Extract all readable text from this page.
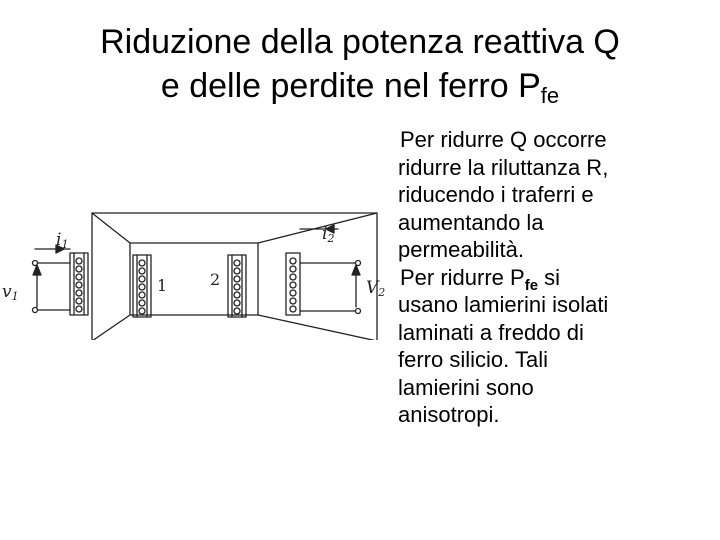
Riduzione della potenza reattiva Q
e delle perdite nel ferro $P_{fe}$
i1
v1
1	2
i2
V2
Per ridurre Q occorre
ridurre la riluttanza R,
riducendo i traferri e
aumentando la
permeabilità.
Per ridurre $P_{fe}$ si
usano lamierini isolati
laminati a freddo di
ferro silicio. Tali
lamierini sono
anisotropi.
